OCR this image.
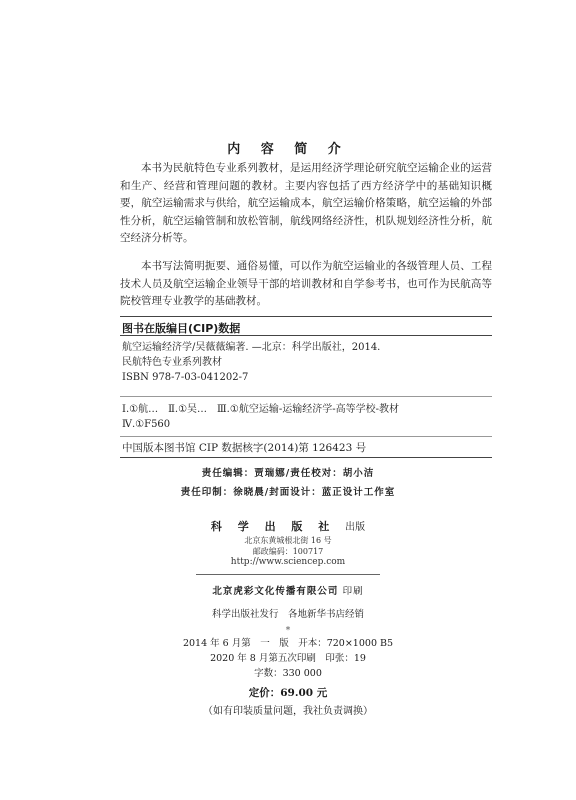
内 容 简 介
本书为民航特色专业系列教材，是运用经济学理论研究航空运输企业的运营和生产、经营和管理问题的教材。主要内容包括了西方经济学中的基础知识概要，航空运输需求与供给，航空运输成本，航空运输价格策略，航空运输的外部性分析，航空运输管制和放松管制，航线网络经济性，机队规划经济性分析，航空经济分析等。
本书写法简明扼要、通俗易懂，可以作为航空运输业的各级管理人员、工程技术人员及航空运输企业领导干部的培训教材和自学参考书，也可作为民航高等院校管理专业教学的基础教材。
图书在版编目(CIP)数据
航空运输经济学/吴薇薇编著. —北京：科学出版社，2014.
民航特色专业系列教材
ISBN 978-7-03-041202-7
Ⅰ.①航…　Ⅱ.①吴…　Ⅲ.①航空运输-运输经济学-高等学校-教材
Ⅳ.①F560
中国版本图书馆 CIP 数据核字(2014)第 126423 号
责任编辑：贾瑞娜/责任校对：胡小洁
责任印制：徐晓晨/封面设计：蓝正设计工作室
科 学 出 版 社 出版
北京东黄城根北街 16 号
邮政编码：100717
http://www.sciencep.com
北京虎彩文化传播有限公司 印刷
科学出版社发行　各地新华书店经销
*
2014 年 6 月第　一　版　开本：720×1000 B5
2020 年 8 月第五次印刷　印张：19
字数：330 000
定价：69.00 元
（如有印装质量问题，我社负责调换）
